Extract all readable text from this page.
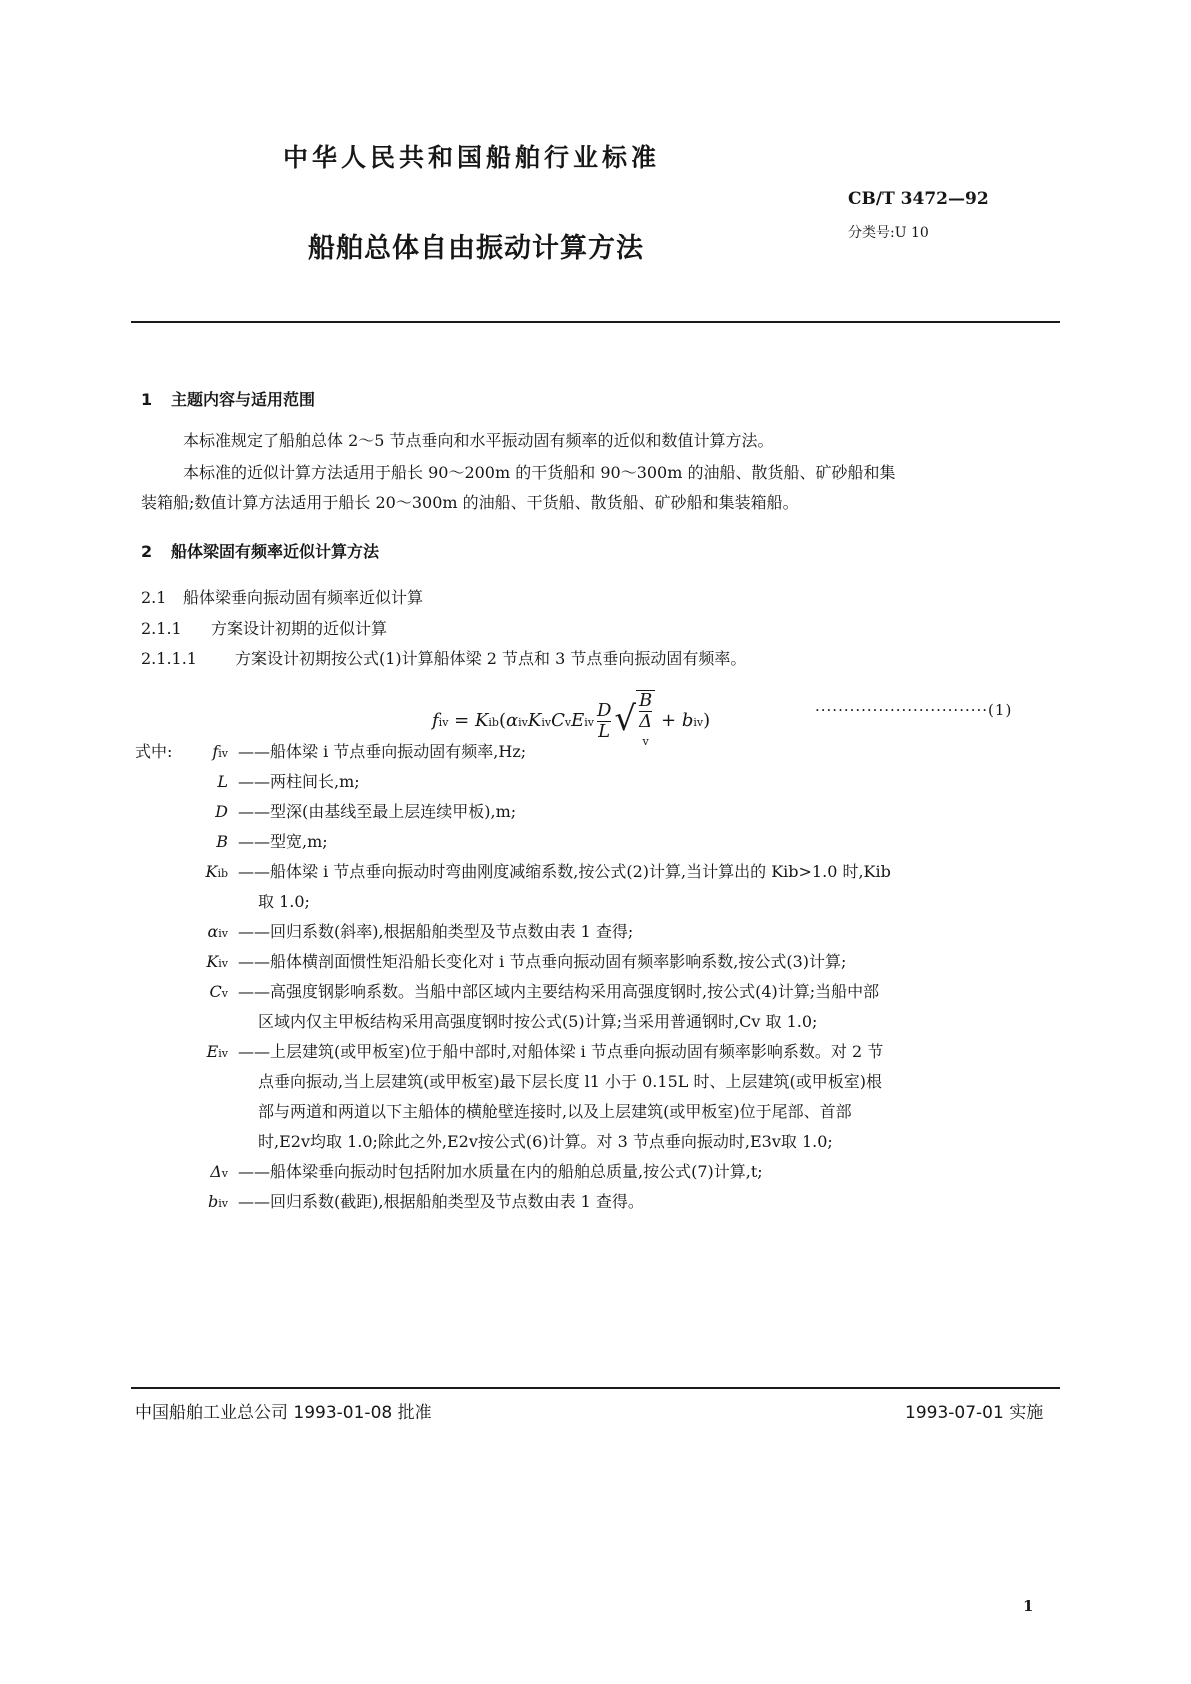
中华人民共和国船舶行业标准
船舶总体自由振动计算方法
CB/T 3472—92
分类号:U 10
1 主题内容与适用范围
本标准规定了船舶总体 2～5 节点垂向和水平振动固有频率的近似和数值计算方法。
本标准的近似计算方法适用于船长 90～200m 的干货船和 90～300m 的油船、散货船、矿砂船和集
装箱船;数值计算方法适用于船长 20～300m 的油船、干货船、散货船、矿砂船和集装箱船。
2 船体梁固有频率近似计算方法
2.1 船体梁垂向振动固有频率近似计算
2.1.1 方案设计初期的近似计算
2.1.1.1 方案设计初期按公式(1)计算船体梁 2 节点和 3 节点垂向振动固有频率。
fiv = Kib(αivKivCvEiv $\frac{D}{L}$ √ B
Δ
v + biv)	······························(1)
式中:	fiv ——船体梁 i 节点垂向振动固有频率,Hz;
L ——两柱间长,m;
D ——型深(由基线至最上层连续甲板),m;
B ——型宽,m;
Kib ——船体梁 i 节点垂向振动时弯曲刚度减缩系数,按公式(2)计算,当计算出的 Kib>1.0 时,Kib
取 1.0;
αiv ——回归系数(斜率),根据船舶类型及节点数由表 1 查得;
Kiv ——船体横剖面惯性矩沿船长变化对 i 节点垂向振动固有频率影响系数,按公式(3)计算;
Cv ——高强度钢影响系数。当船中部区域内主要结构采用高强度钢时,按公式(4)计算;当船中部
区域内仅主甲板结构采用高强度钢时按公式(5)计算;当采用普通钢时,Cv 取 1.0;
Eiv ——上层建筑(或甲板室)位于船中部时,对船体梁 i 节点垂向振动固有频率影响系数。对 2 节
点垂向振动,当上层建筑(或甲板室)最下层长度 l1 小于 0.15L 时、上层建筑(或甲板室)根
部与两道和两道以下主船体的横舱壁连接时,以及上层建筑(或甲板室)位于尾部、首部
时,E2v均取 1.0;除此之外,E2v按公式(6)计算。对 3 节点垂向振动时,E3v取 1.0;
Δv ——船体梁垂向振动时包括附加水质量在内的船舶总质量,按公式(7)计算,t;
biv ——回归系数(截距),根据船舶类型及节点数由表 1 查得。
中国船舶工业总公司 1993-01-08 批准	1993-07-01 实施
1
